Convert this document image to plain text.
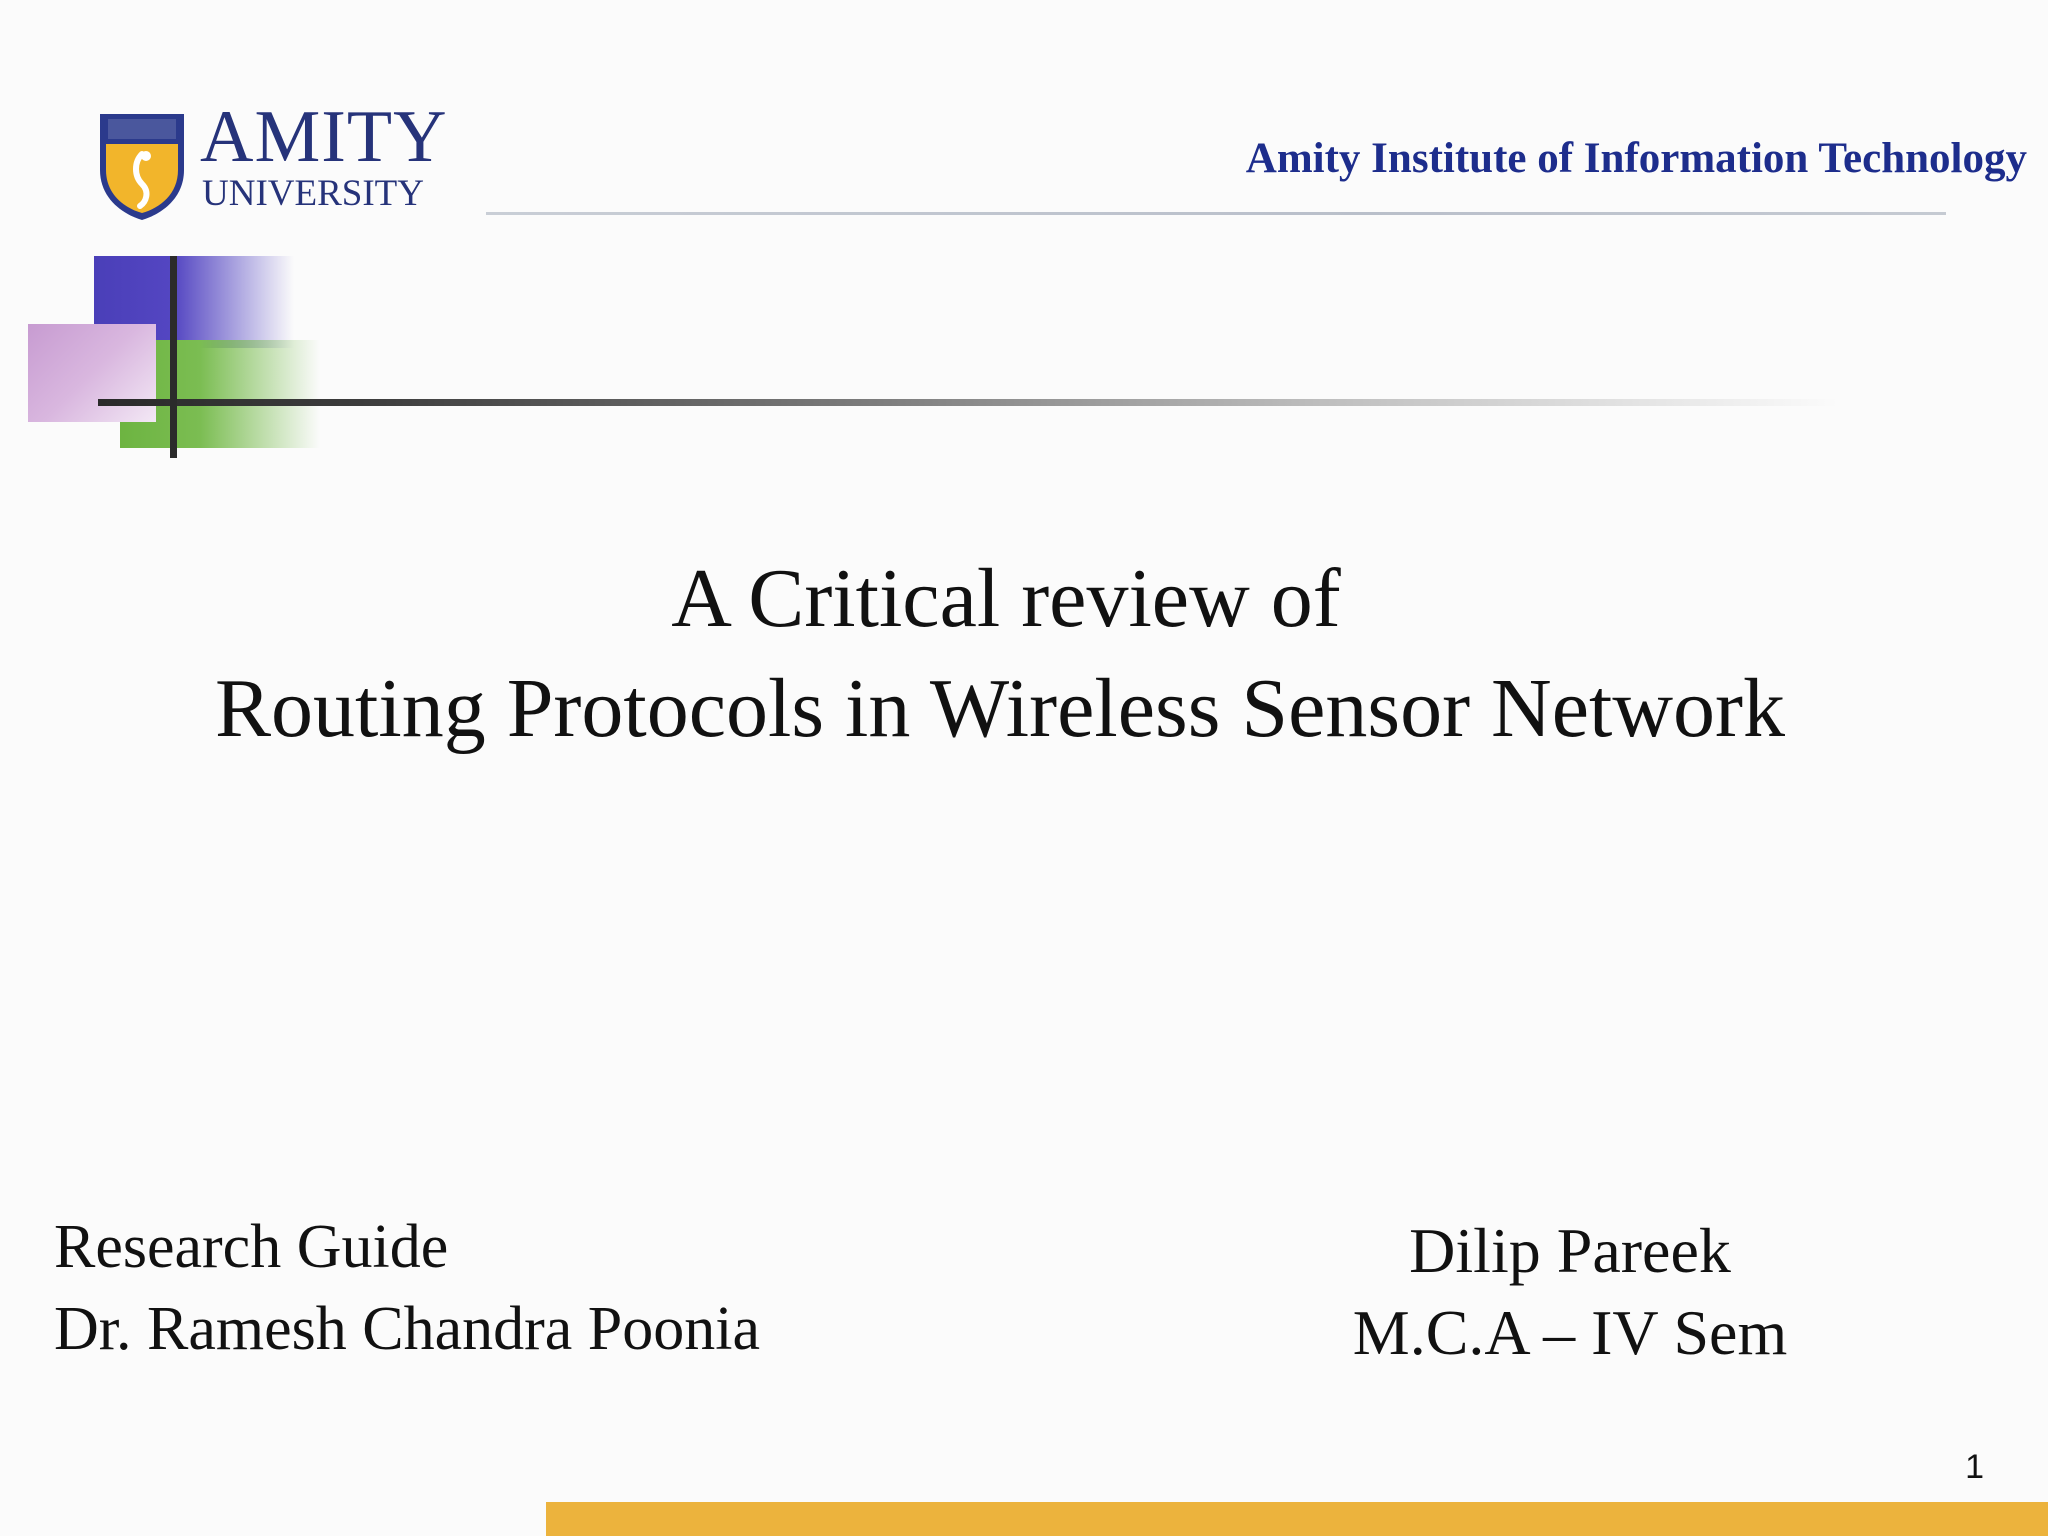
AMITY
UNIVERSITY
Amity Institute of Information Technology
A Critical review of
Routing Protocols in Wireless Sensor Network
Research Guide
Dr. Ramesh Chandra Poonia
Dilip Pareek
M.C.A – IV Sem
1
